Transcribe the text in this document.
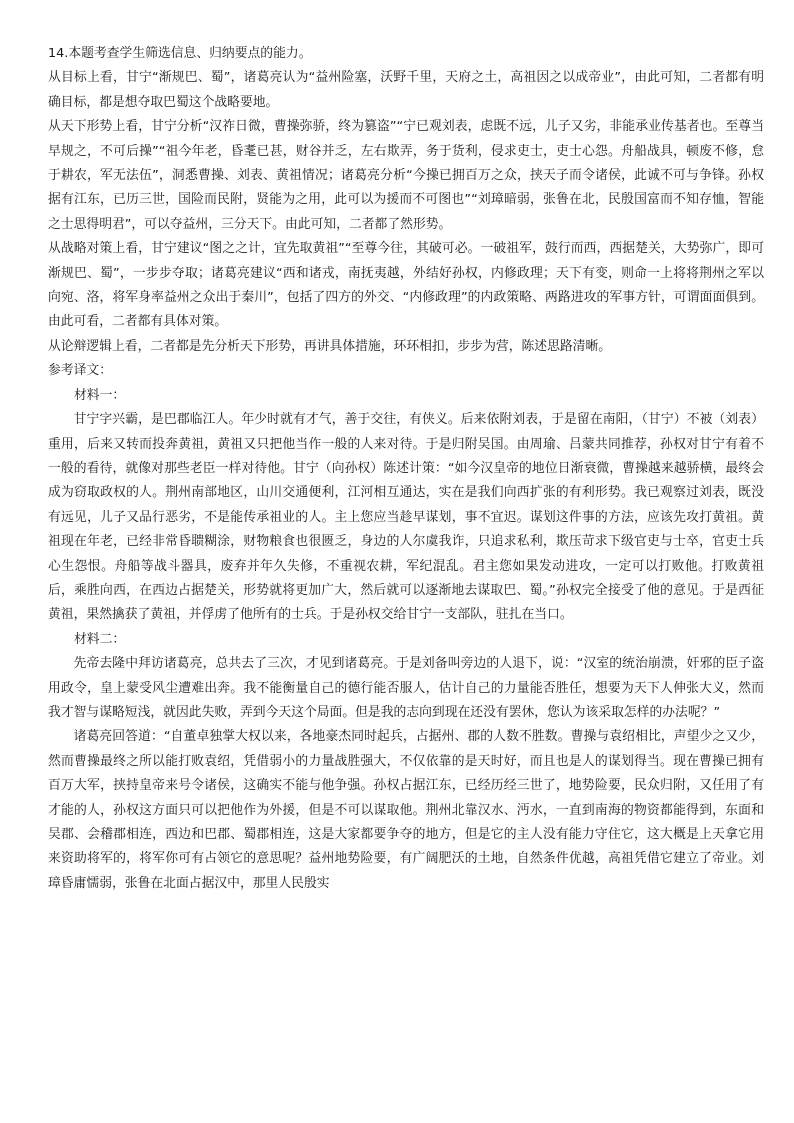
14.本题考查学生筛选信息、归纳要点的能力。

从目标上看，甘宁“渐规巴、蜀”，诸葛亮认为“益州险塞，沃野千里，天府之土，高祖因之以成帝业”，由此可知，二者都有明确目标，都是想夺取巴蜀这个战略要地。

从天下形势上看，甘宁分析“汉祚日微，曹操弥骄，终为篡盗”“宁已观刘表，虑既不远，儿子又劣，非能承业传基者也。至尊当早规之，不可后操”“祖今年老，昏耄已甚，财谷并乏，左右欺弄，务于货利，侵求吏士，吏士心怨。舟船战具，顿废不修，怠于耕农，军无法伍”，洞悉曹操、刘表、黄祖情况；诸葛亮分析“今操已拥百万之众，挟天子而令诸侯，此诚不可与争锋。孙权据有江东，已历三世，国险而民附，贤能为之用，此可以为援而不可图也”“刘璋暗弱，张鲁在北，民殷国富而不知存恤，智能之士思得明君”，可以夺益州，三分天下。由此可知，二者都了然形势。

从战略对策上看，甘宁建议“图之之计，宜先取黄祖”“至尊今往，其破可必。一破祖军，鼓行而西，西据楚关，大势弥广，即可渐规巴、蜀”，一步步夺取；诸葛亮建议“西和诸戎，南抚夷越，外结好孙权，内修政理；天下有变，则命一上将将荆州之军以向宛、洛，将军身率益州之众出于秦川”，包括了四方的外交、“内修政理”的内政策略、两路进攻的军事方针，可谓面面俱到。由此可看，二者都有具体对策。

从论辩逻辑上看，二者都是先分析天下形势，再讲具体措施，环环相扣，步步为营，陈述思路清晰。

参考译文：

材料一：

甘宁字兴霸，是巴郡临江人。年少时就有才气，善于交往，有侠义。后来依附刘表，于是留在南阳，（甘宁）不被（刘表）重用，后来又转而投奔黄祖，黄祖又只把他当作一般的人来对待。于是归附吴国。由周瑜、吕蒙共同推荐，孙权对甘宁有着不一般的看待，就像对那些老臣一样对待他。甘宁（向孙权）陈述计策：“如今汉皇帝的地位日渐衰微，曹操越来越骄横，最终会成为窃取政权的人。荆州南部地区，山川交通便利，江河相互通达，实在是我们向西扩张的有利形势。我已观察过刘表，既没有远见，儿子又品行恶劣，不是能传承祖业的人。主上您应当趁早谋划，事不宜迟。谋划这件事的方法，应该先攻打黄祖。黄祖现在年老，已经非常昏聩糊涂，财物粮食也很匮乏，身边的人尔虞我诈，只追求私利，欺压苛求下级官吏与士卒，官吏士兵心生怨恨。舟船等战斗器具，废弃并年久失修，不重视农耕，军纪混乱。君主您如果发动进攻，一定可以打败他。打败黄祖后，乘胜向西，在西边占据楚关，形势就将更加广大，然后就可以逐渐地去谋取巴、蜀。”孙权完全接受了他的意见。于是西征黄祖，果然擒获了黄祖，并俘虏了他所有的士兵。于是孙权交给甘宁一支部队，驻扎在当口。

材料二：

先帝去隆中拜访诸葛亮，总共去了三次，才见到诸葛亮。于是刘备叫旁边的人退下，说：“汉室的统治崩溃，奸邪的臣子盗用政令，皇上蒙受风尘遭难出奔。我不能衡量自己的德行能否服人，估计自己的力量能否胜任，想要为天下人伸张大义，然而我才智与谋略短浅，就因此失败，弄到今天这个局面。但是我的志向到现在还没有罢休，您认为该采取怎样的办法呢？”

诸葛亮回答道：“自董卓独掌大权以来，各地豪杰同时起兵，占据州、郡的人数不胜数。曹操与袁绍相比，声望少之又少，然而曹操最终之所以能打败袁绍，凭借弱小的力量战胜强大，不仅依靠的是天时好，而且也是人的谋划得当。现在曹操已拥有百万大军，挟持皇帝来号令诸侯，这确实不能与他争强。孙权占据江东，已经历经三世了，地势险要，民众归附，又任用了有才能的人，孙权这方面只可以把他作为外援，但是不可以谋取他。荆州北靠汉水、沔水，一直到南海的物资都能得到，东面和吴郡、会稽郡相连，西边和巴郡、蜀郡相连，这是大家都要争夺的地方，但是它的主人没有能力守住它，这大概是上天拿它用来资助将军的，将军你可有占领它的意思呢？益州地势险要，有广阔肥沃的土地，自然条件优越，高祖凭借它建立了帝业。刘璋昏庸懦弱，张鲁在北面占据汉中，那里人民殷实
